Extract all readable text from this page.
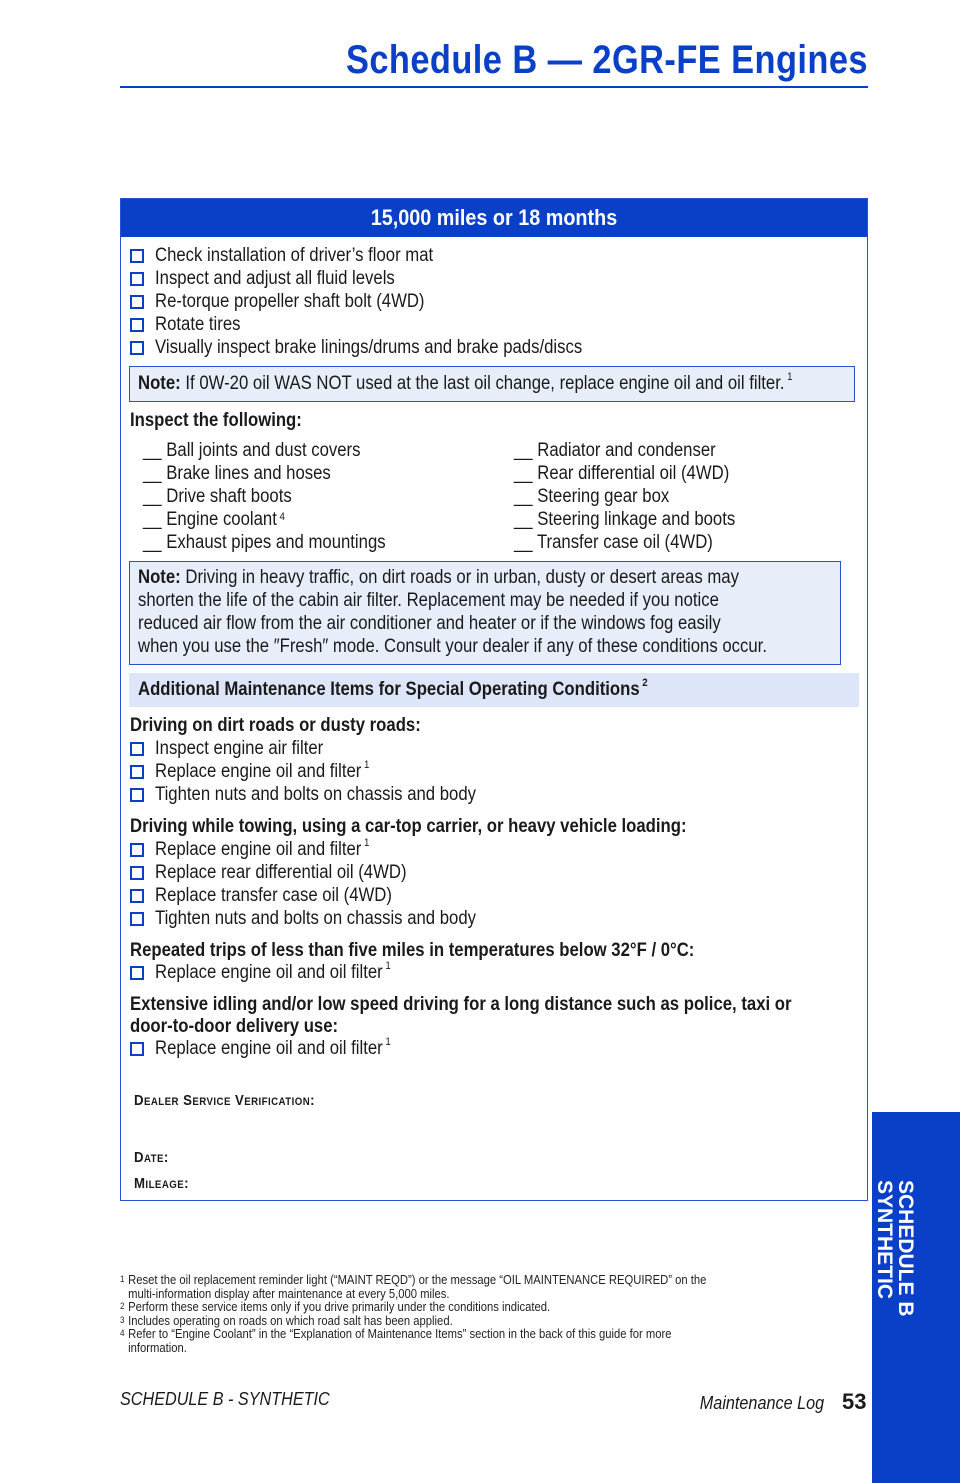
Schedule B — 2GR-FE Engines
15,000 miles or 18 months
Check installation of driver’s floor mat
Inspect and adjust all fluid levels
Re-torque propeller shaft bolt (4WD)
Rotate tires
Visually inspect brake linings/drums and brake pads/discs
Note: If 0W-20 oil WAS NOT used at the last oil change, replace engine oil and oil filter. $^1$
Inspect the following:
__ Ball joints and dust covers
__ Brake lines and hoses
__ Drive shaft boots
__ Engine coolant $^4$
__ Exhaust pipes and mountings
__ Radiator and condenser
__ Rear differential oil (4WD)
__ Steering gear box
__ Steering linkage and boots
__ Transfer case oil (4WD)
Note: Driving in heavy traffic, on dirt roads or in urban, dusty or desert areas may
shorten the life of the cabin air filter. Replacement may be needed if you notice
reduced air flow from the air conditioner and heater or if the windows fog easily
when you use the ″Fresh″ mode. Consult your dealer if any of these conditions occur.
Additional Maintenance Items for Special Operating Conditions $^2$
Driving on dirt roads or dusty roads:
Inspect engine air filter
Replace engine oil and filter $^1$
Tighten nuts and bolts on chassis and body
Driving while towing, using a car-top carrier, or heavy vehicle loading:
Replace engine oil and filter $^1$
Replace rear differential oil (4WD)
Replace transfer case oil (4WD)
Tighten nuts and bolts on chassis and body
Repeated trips of less than five miles in temperatures below 32°F / 0°C:
Replace engine oil and oil filter $^1$
Extensive idling and/or low speed driving for a long distance such as police, taxi or
door-to-door delivery use:
Replace engine oil and oil filter $^1$
Dealer Service Verification:
Date:
Mileage:
1 Reset the oil replacement reminder light (“MAINT REQD”) or the message “OIL MAINTENANCE REQUIRED” on the
multi-information display after maintenance at every 5,000 miles.
2 Perform these service items only if you drive primarily under the conditions indicated.
3 Includes operating on roads on which road salt has been applied.
4 Refer to “Engine Coolant” in the “Explanation of Maintenance Items” section in the back of this guide for more
information.
SCHEDULE B - SYNTHETIC	Maintenance Log 53
